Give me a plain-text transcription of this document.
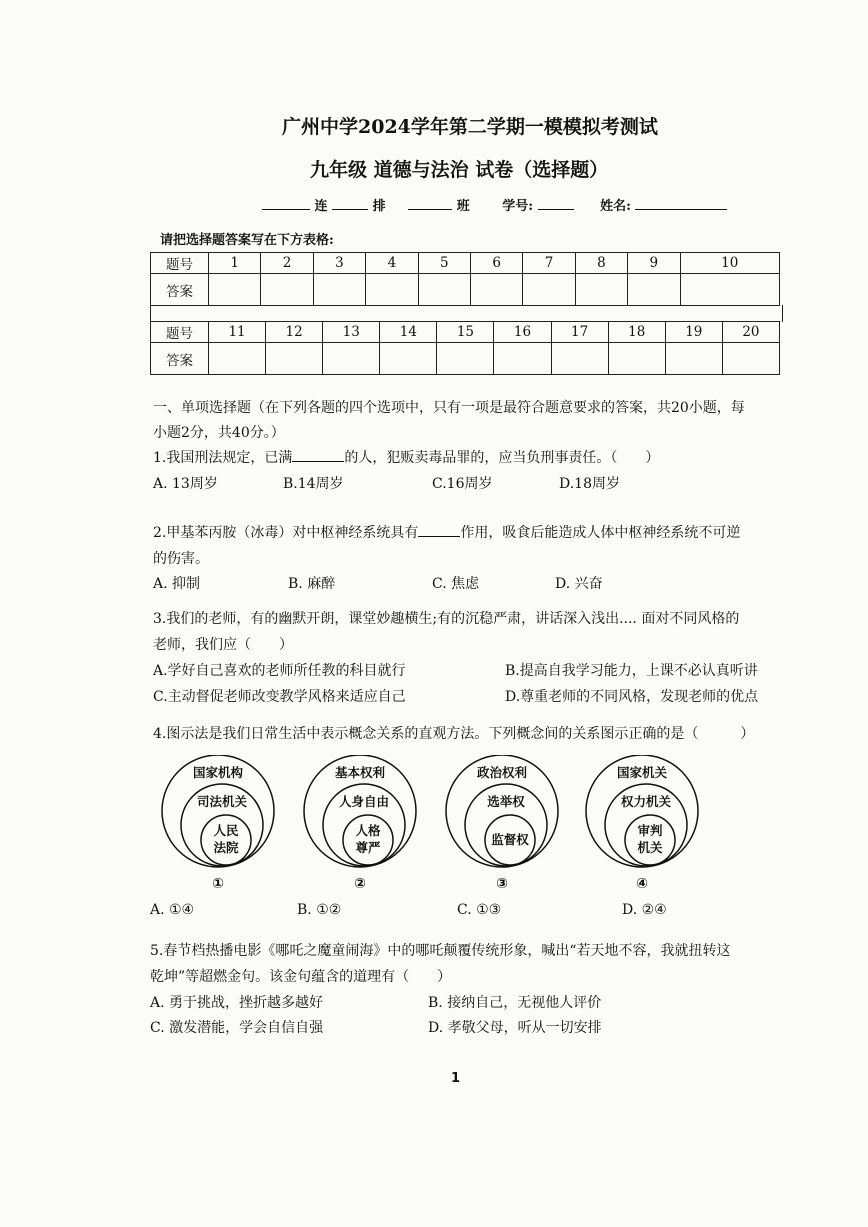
广州中学2024学年第二学期一模模拟考测试
九年级 道德与法治 试卷（选择题）
连	排	班	学号:	姓名:
请把选择题答案写在下方表格:
题号	1	2	3	4	5	6	7	8	9	10
答案										
题号	11	12	13	14	15	16	17	18	19	20
答案										
一、单项选择题（在下列各题的四个选项中，只有一项是最符合题意要求的答案，共20小题，每
小题2分，共40分。）
1.我国刑法规定，已满	的人，犯贩卖毒品罪的，应当负刑事责任。（　　）
A. 13周岁	B.14周岁	C.16周岁	D.18周岁
2.甲基苯丙胺（冰毒）对中枢神经系统具有	作用，吸食后能造成人体中枢神经系统不可逆
的伤害。
A. 抑制	B. 麻醉	C. 焦虑	D. 兴奋
3.我们的老师，有的幽默开朗，课堂妙趣横生;有的沉稳严肃，讲话深入浅出.... 面对不同风格的
老师，我们应（　　）
A.学好自己喜欢的老师所任教的科目就行	B.提高自我学习能力，上课不必认真听讲
C.主动督促老师改变教学风格来适应自己	D.尊重老师的不同风格，发现老师的优点
4.图示法是我们日常生活中表示概念关系的直观方法。下列概念间的关系图示正确的是（　　　）
国家机构
司法机关
人民
法院
①
基本权利
人身自由
人格
尊严
②
政治权利
选举权
监督权
③
国家机关
权力机关
审判
机关
④
A. ①④	B. ①②	C. ①③	D. ②④
5.春节档热播电影《哪吒之魔童闹海》中的哪吒颠覆传统形象，喊出“若天地不容，我就扭转这
乾坤”等超燃金句。该金句蕴含的道理有（　　）
A. 勇于挑战，挫折越多越好	B. 接纳自己，无视他人评价
C. 激发潜能，学会自信自强	D. 孝敬父母，听从一切安排
1
